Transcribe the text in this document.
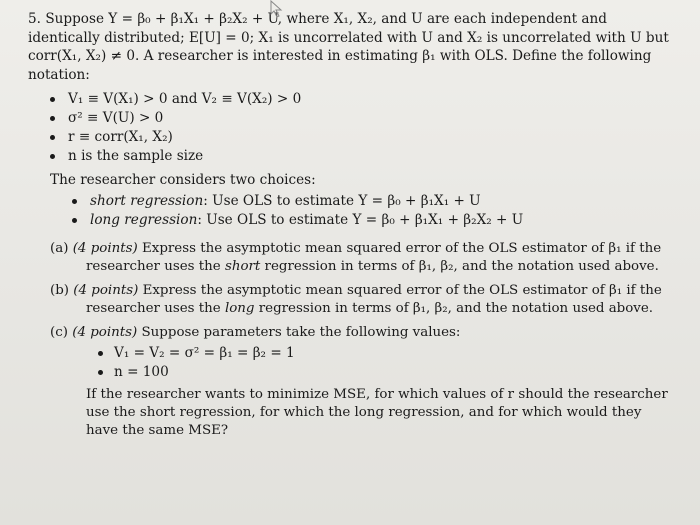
5. Suppose Y = β₀ + β₁X₁ + β₂X₂ + U, where X₁, X₂, and U are each independent and identically distributed; E[U] = 0; X₁ is uncorrelated with U and X₂ is uncorrelated with U but corr(X₁, X₂) ≠ 0. A researcher is interested in estimating β₁ with OLS. Define the following notation:

V₁ ≡ V(X₁) > 0 and V₂ ≡ V(X₂) > 0
σ² ≡ V(U) > 0
r ≡ corr(X₁, X₂)
n is the sample size
The researcher considers two choices:
short regression: Use OLS to estimate Y = β₀ + β₁X₁ + U
long regression: Use OLS to estimate Y = β₀ + β₁X₁ + β₂X₂ + U
(a) (4 points) Express the asymptotic mean squared error of the OLS estimator of β₁ if the researcher uses the short regression in terms of β₁, β₂, and the notation used above.
(b) (4 points) Express the asymptotic mean squared error of the OLS estimator of β₁ if the researcher uses the long regression in terms of β₁, β₂, and the notation used above.
(c) (4 points) Suppose parameters take the following values:
V₁ = V₂ = σ² = β₁ = β₂ = 1
n = 100
If the researcher wants to minimize MSE, for which values of r should the researcher use the short regression, for which the long regression, and for which would they have the same MSE?
